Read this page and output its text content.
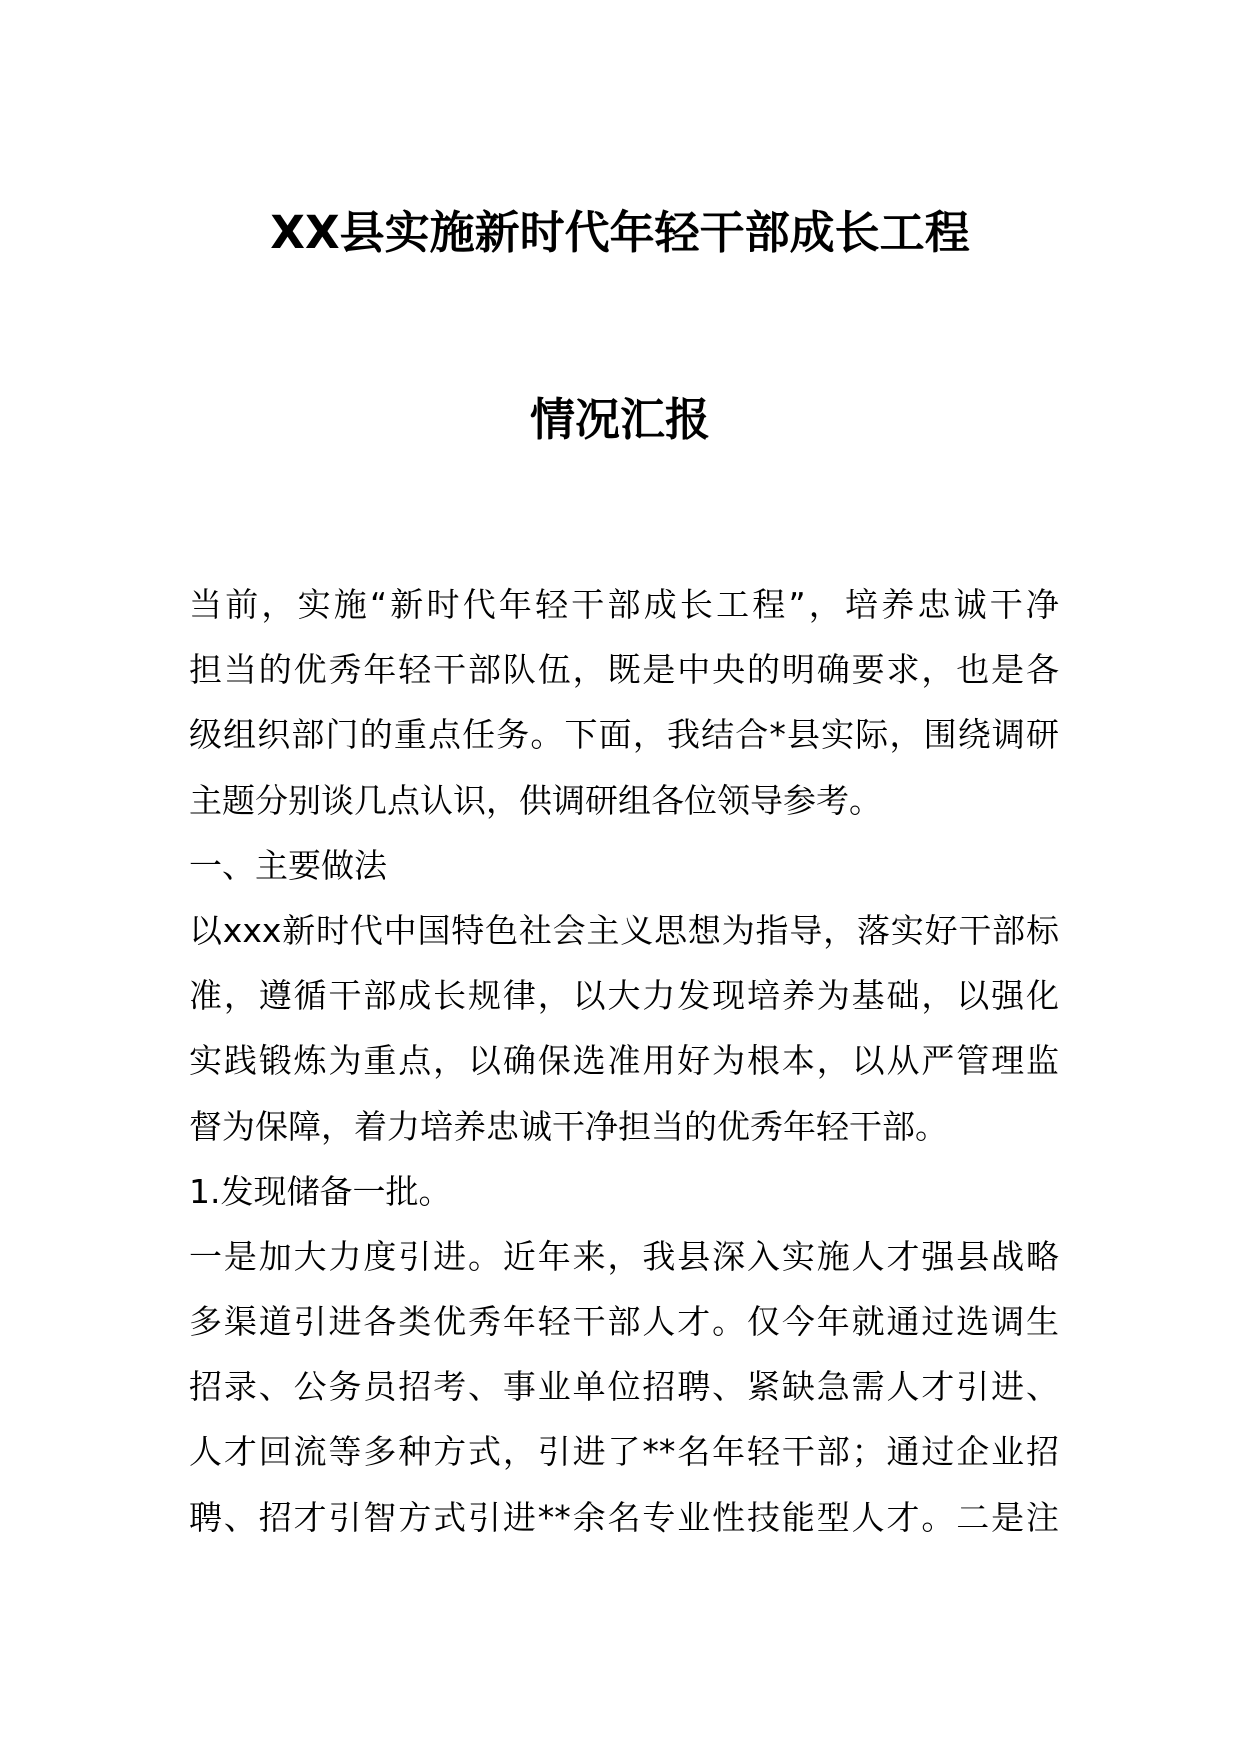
XX县实施新时代年轻干部成长工程
情况汇报
当前，实施“新时代年轻干部成长工程”，培养忠诚干净
担当的优秀年轻干部队伍，既是中央的明确要求，也是各
级组织部门的重点任务。下面，我结合*县实际，围绕调研
主题分别谈几点认识，供调研组各位领导参考。
一、主要做法
以xxx新时代中国特色社会主义思想为指导，落实好干部标
准，遵循干部成长规律，以大力发现培养为基础，以强化
实践锻炼为重点，以确保选准用好为根本，以从严管理监
督为保障，着力培养忠诚干净担当的优秀年轻干部。
1.发现储备一批。
一是加大力度引进。近年来，我县深入实施人才强县战略
多渠道引进各类优秀年轻干部人才。仅今年就通过选调生
招录、公务员招考、事业单位招聘、紧缺急需人才引进、
人才回流等多种方式，引进了**名年轻干部；通过企业招
聘、招才引智方式引进**余名专业性技能型人才。二是注
